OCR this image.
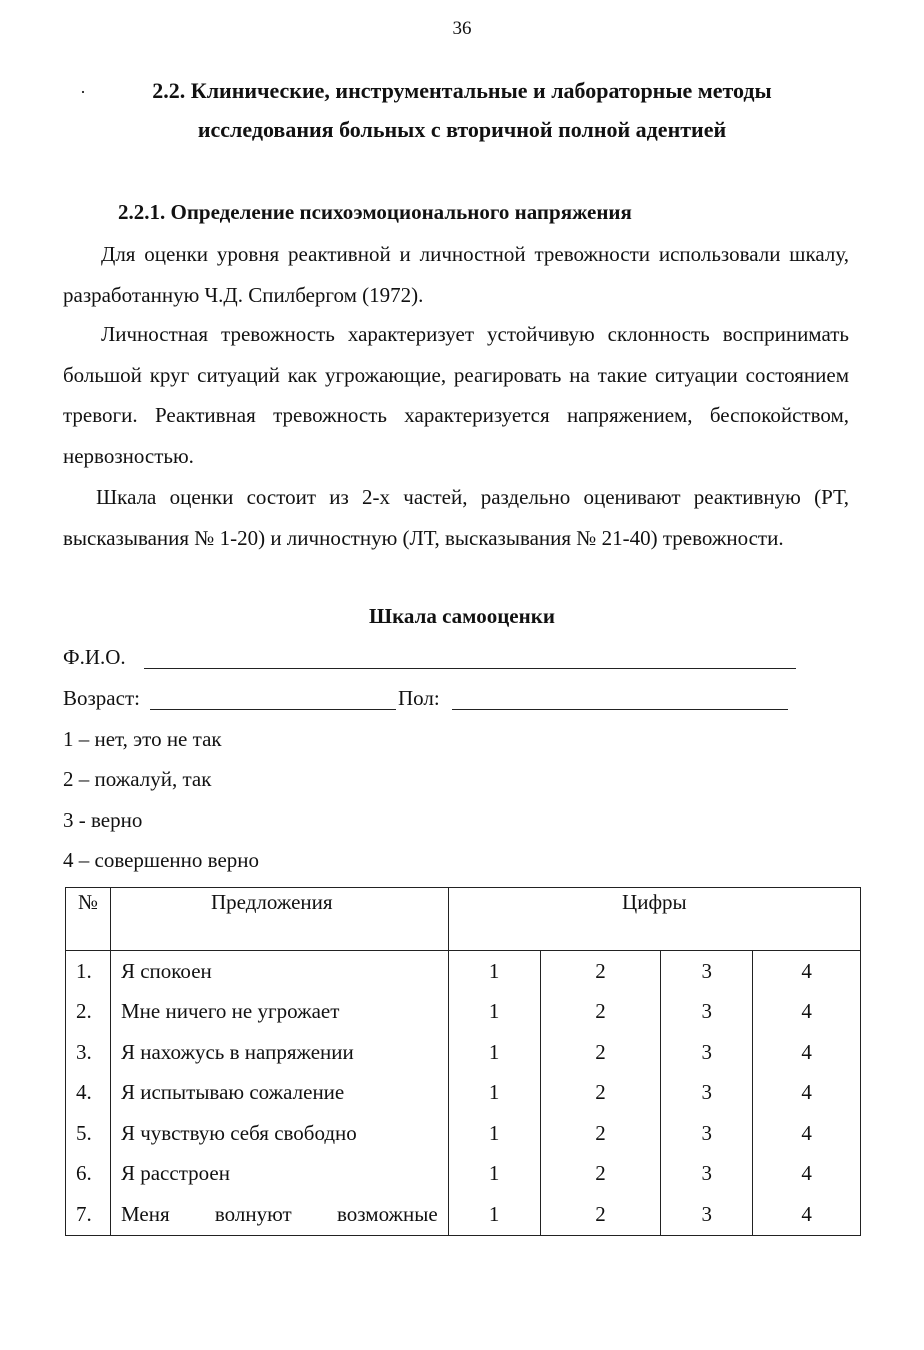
36
·	2.2. Клинические, инструментальные и лабораторные методы
исследования больных с вторичной полной адентией
2.2.1. Определение психоэмоционального напряжения

Для оценки уровня реактивной и личностной тревожности использовали шкалу, разработанную Ч.Д. Спилбергом (1972).

Личностная тревожность характеризует устойчивую склонность воспринимать большой круг ситуаций как угрожающие, реагировать на такие ситуации состоянием тревоги. Реактивная тревожность характеризуется напряжением, беспокойством, нервозностью.

Шкала оценки состоит из 2-х частей, раздельно оценивают реактивную (РТ, высказывания № 1-20) и личностную (ЛТ, высказывания № 21-40) тревожности.

Шкала самооценки
Ф.И.О.
Возраст:	Пол:
1 – нет, это не так
2 – пожалуй, так
3 - верно
4 – совершенно верно
№	Предложения	Цифры			
1.	Я спокоен	1	2	3	4
2.	Мне ничего не угрожает	1	2	3	4
3.	Я нахожусь в напряжении	1	2	3	4
4.	Я испытываю сожаление	1	2	3	4
5.	Я чувствую себя свободно	1	2	3	4
6.	Я расстроен	1	2	3	4
7.	Меня волнуют возможные	1	2	3	4
